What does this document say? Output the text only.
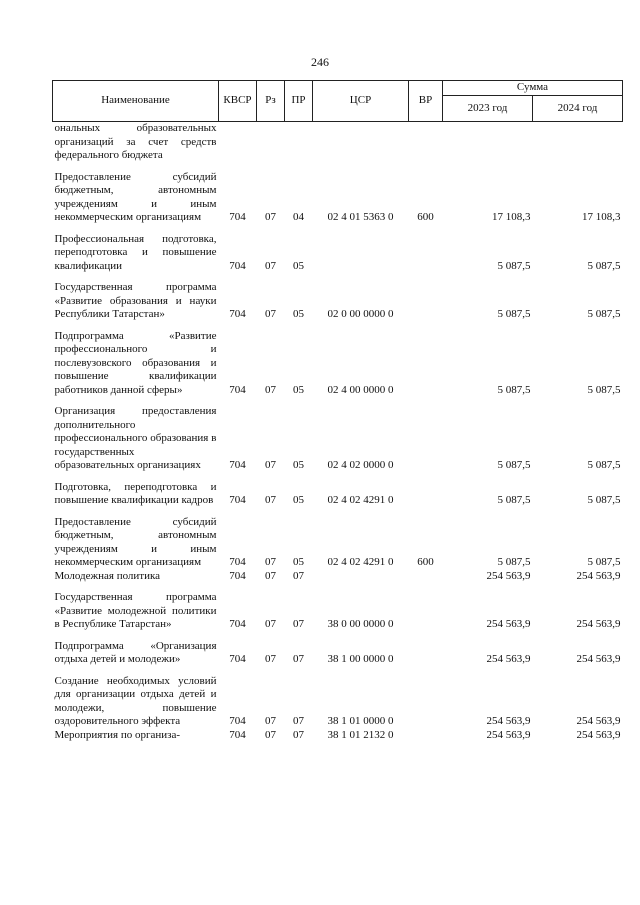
246
Наименование	КВСР	Рз	ПР	ЦСР	ВР	Сумма	
						2023 год	2024 год
ональных образовательных организаций за счет средств федерального бюджета							
Предоставление субсидий бюджетным, автономным учреждениям и иным некоммерческим организациям	704	07	04	02 4 01 5363 0	600	17 108,3	17 108,3
Профессиональная подготовка, переподготовка и повышение квалификации	704	07	05			5 087,5	5 087,5
Государственная программа «Развитие образования и науки Республики Татарстан»	704	07	05	02 0 00 0000 0		5 087,5	5 087,5
Подпрограмма «Развитие профессионального и послевузовского образования и повышение квалификации работников данной сферы»	704	07	05	02 4 00 0000 0		5 087,5	5 087,5
Организация предоставления дополнительного профессионального образования в государственных образовательных организациях	704	07	05	02 4 02 0000 0		5 087,5	5 087,5
Подготовка, переподготовка и повышение квалификации кадров	704	07	05	02 4 02 4291 0		5 087,5	5 087,5
Предоставление субсидий бюджетным, автономным учреждениям и иным некоммерческим организациям	704	07	05	02 4 02 4291 0	600	5 087,5	5 087,5
Молодежная политика	704	07	07			254 563,9	254 563,9
Государственная программа «Развитие молодежной политики в Республике Татарстан»	704	07	07	38 0 00 0000 0		254 563,9	254 563,9
Подпрограмма «Организация отдыха детей и молодежи»	704	07	07	38 1 00 0000 0		254 563,9	254 563,9
Создание необходимых условий для организации отдыха детей и молодежи, повышение оздоровительного эффекта	704	07	07	38 1 01 0000 0		254 563,9	254 563,9
Мероприятия по организа-	704	07	07	38 1 01 2132 0		254 563,9	254 563,9
